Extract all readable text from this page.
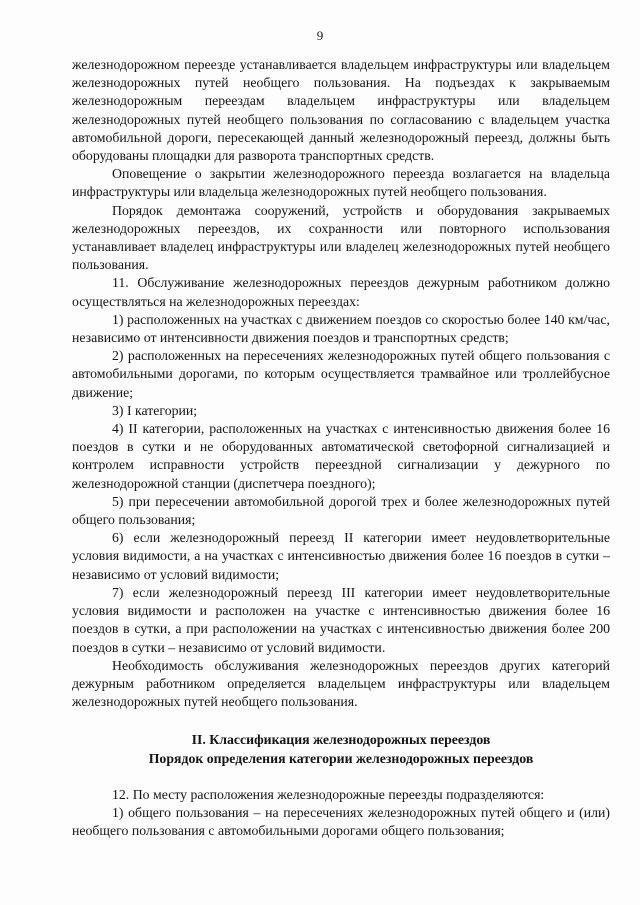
9

железнодорожном переезде устанавливается владельцем инфраструктуры или владельцем железнодорожных путей необщего пользования. На подъездах к закрываемым железнодорожным переездам владельцем инфраструктуры или владельцем железнодорожных путей необщего пользования по согласованию с владельцем участка автомобильной дороги, пересекающей данный железнодорожный переезд, должны быть оборудованы площадки для разворота транспортных средств.

Оповещение о закрытии железнодорожного переезда возлагается на владельца инфраструктуры или владельца железнодорожных путей необщего пользования.

Порядок демонтажа сооружений, устройств и оборудования закрываемых железнодорожных переездов, их сохранности или повторного использования устанавливает владелец инфраструктуры или владелец железнодорожных путей необщего пользования.

11. Обслуживание железнодорожных переездов дежурным работником должно осуществляться на железнодорожных переездах:

1) расположенных на участках с движением поездов со скоростью более 140 км/час, независимо от интенсивности движения поездов и транспортных средств;

2) расположенных на пересечениях железнодорожных путей общего пользования с автомобильными дорогами, по которым осуществляется трамвайное или троллейбусное движение;

3) I категории;

4) II категории, расположенных на участках с интенсивностью движения более 16 поездов в сутки и не оборудованных автоматической светофорной сигнализацией и контролем исправности устройств переездной сигнализации у дежурного по железнодорожной станции (диспетчера поездного);

5) при пересечении автомобильной дорогой трех и более железнодорожных путей общего пользования;

6) если железнодорожный переезд II категории имеет неудовлетворительные условия видимости, а на участках с интенсивностью движения более 16 поездов в сутки – независимо от условий видимости;

7) если железнодорожный переезд III категории имеет неудовлетворительные условия видимости и расположен на участке с интенсивностью движения более 16 поездов в сутки, а при расположении на участках с интенсивностью движения более 200 поездов в сутки – независимо от условий видимости.

Необходимость обслуживания железнодорожных переездов других категорий дежурным работником определяется владельцем инфраструктуры или владельцем железнодорожных путей необщего пользования.

II. Классификация железнодорожных переездов
Порядок определения категории железнодорожных переездов

12. По месту расположения железнодорожные переезды подразделяются:

1) общего пользования – на пересечениях железнодорожных путей общего и (или) необщего пользования с автомобильными дорогами общего пользования;
